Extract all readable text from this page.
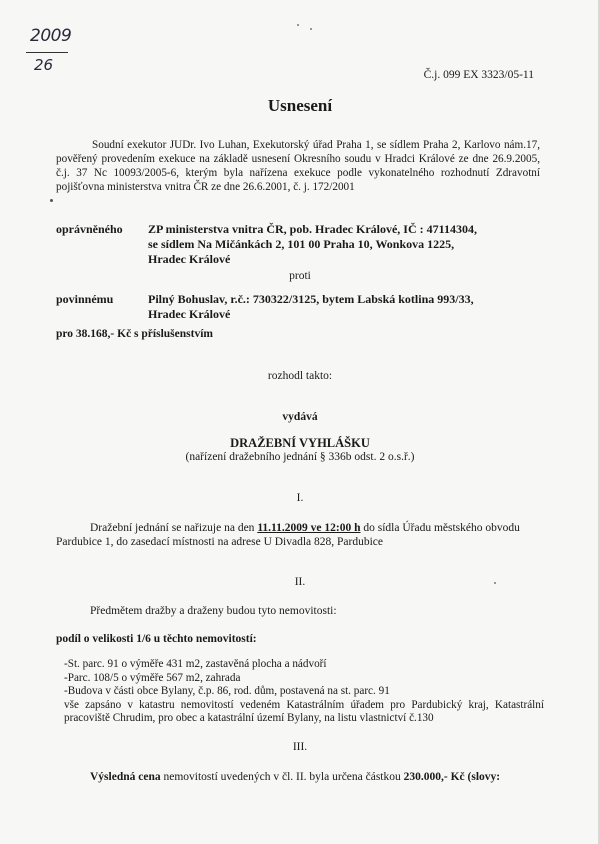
2009
26
Č.j. 099 EX 3323/05-11
Usnesení
Soudní exekutor JUDr. Ivo Luhan, Exekutorský úřad Praha 1, se sídlem Praha 2, Karlovo nám.17, pověřený provedením exekuce na základě usnesení Okresního soudu v Hradci Králové ze dne 26.9.2005, č.j. 37 Nc 10093/2005-6, kterým byla nařízena exekuce podle vykonatelného rozhodnutí Zdravotní pojišťovna ministerstva vnitra ČR ze dne 26.6.2001, č. j. 172/2001
oprávněného ZP ministerstva vnitra ČR, pob. Hradec Králové, IČ : 47114304,
se sídlem Na Mičánkách 2, 101 00 Praha 10, Wonkova 1225,
Hradec Králové
proti
povinnému	Pilný Bohuslav, r.č.: 730322/3125, bytem Labská kotlina 993/33,
Hradec Králové
pro 38.168,- Kč s příslušenstvím
rozhodl takto:
vydává
DRAŽEBNÍ VYHLÁŠKU
(nařízení dražebního jednání § 336b odst. 2 o.s.ř.)
I.
Dražební jednání se nařizuje na den 11.11.2009 ve 12:00 h do sídla Úřadu městského obvodu Pardubice 1, do zasedací místnosti na adrese U Divadla 828, Pardubice
II.
Předmětem dražby a draženy budou tyto nemovitosti:
podíl o velikosti 1/6 u těchto nemovitostí:
-St. parc. 91 o výměře 431 m2, zastavěná plocha a nádvoří
-Parc. 108/5 o výměře 567 m2, zahrada
-Budova v části obce Bylany, č.p. 86, rod. dům, postavená na st. parc. 91
vše zapsáno v katastru nemovitostí vedeném Katastrálním úřadem pro Pardubický kraj, Katastrální pracoviště Chrudim, pro obec a katastrální území Bylany, na listu vlastnictví č.130
III.
Výsledná cena nemovitostí uvedených v čl. II. byla určena částkou 230.000,- Kč (slovy:
